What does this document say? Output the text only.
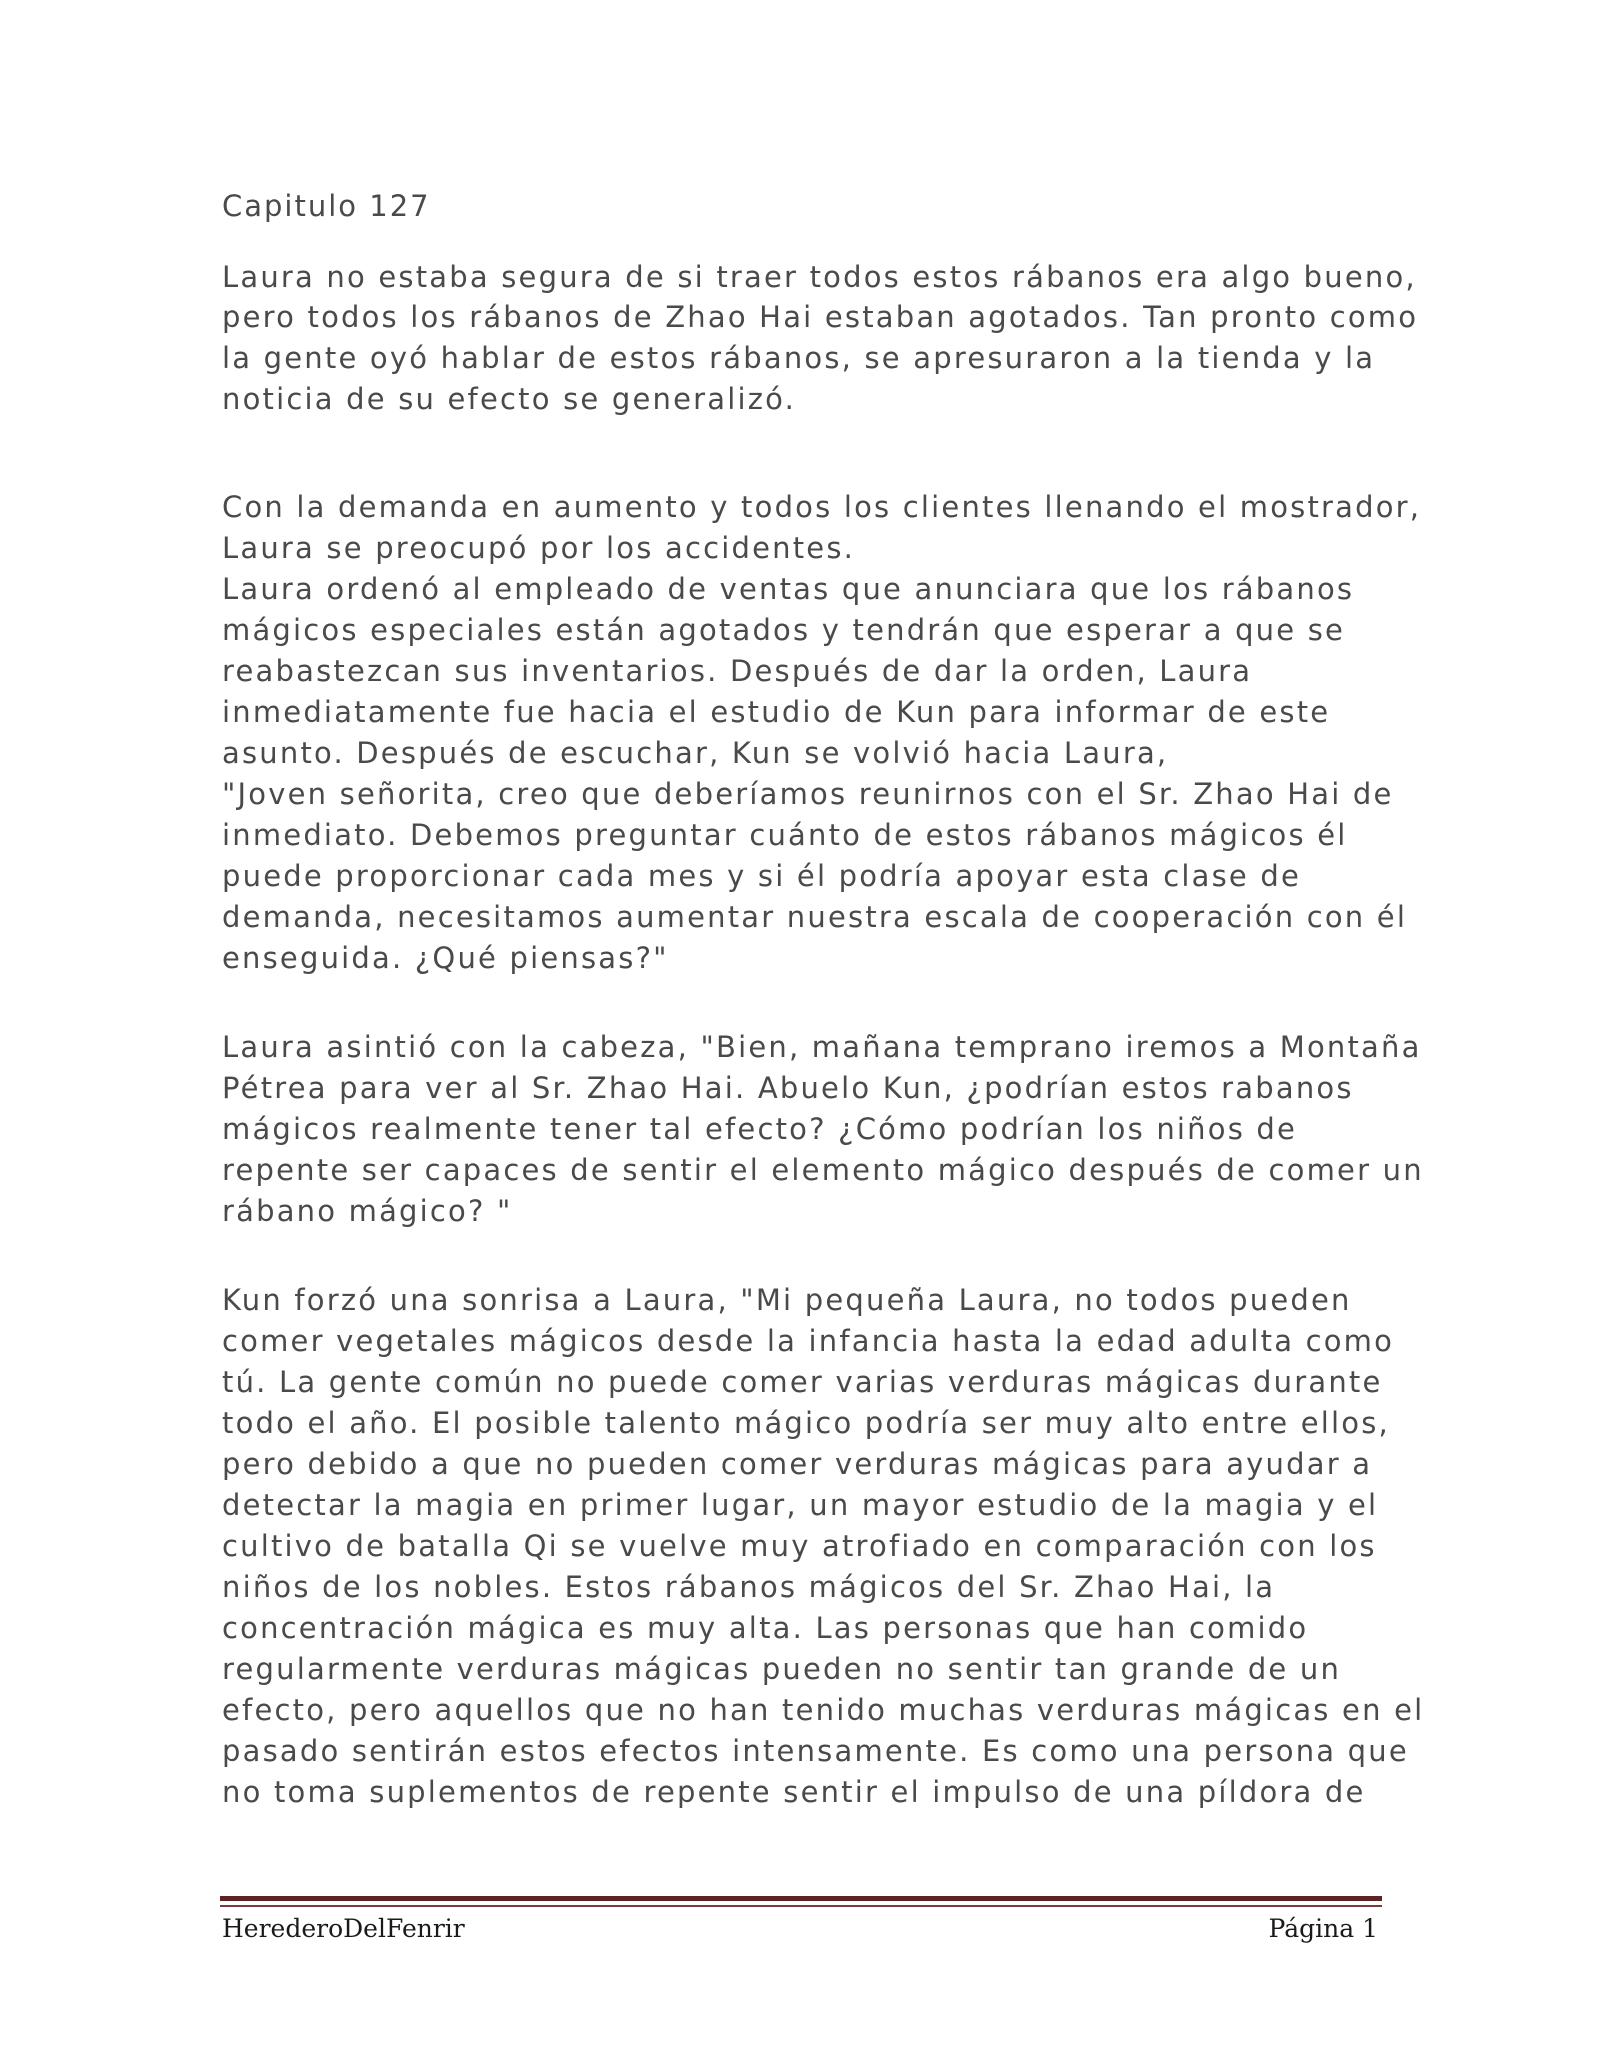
Capitulo 127
Laura no estaba segura de si traer todos estos rábanos era algo bueno,
pero todos los rábanos de Zhao Hai estaban agotados. Tan pronto como
la gente oyó hablar de estos rábanos, se apresuraron a la tienda y la
noticia de su efecto se generalizó.
Con la demanda en aumento y todos los clientes llenando el mostrador,
Laura se preocupó por los accidentes.
Laura ordenó al empleado de ventas que anunciara que los rábanos
mágicos especiales están agotados y tendrán que esperar a que se
reabastezcan sus inventarios. Después de dar la orden, Laura
inmediatamente fue hacia el estudio de Kun para informar de este
asunto. Después de escuchar, Kun se volvió hacia Laura,
"Joven señorita, creo que deberíamos reunirnos con el Sr. Zhao Hai de
inmediato. Debemos preguntar cuánto de estos rábanos mágicos él
puede proporcionar cada mes y si él podría apoyar esta clase de
demanda, necesitamos aumentar nuestra escala de cooperación con él
enseguida. ¿Qué piensas?"
Laura asintió con la cabeza, "Bien, mañana temprano iremos a Montaña
Pétrea para ver al Sr. Zhao Hai. Abuelo Kun, ¿podrían estos rabanos
mágicos realmente tener tal efecto? ¿Cómo podrían los niños de
repente ser capaces de sentir el elemento mágico después de comer un
rábano mágico? "
Kun forzó una sonrisa a Laura, "Mi pequeña Laura, no todos pueden
comer vegetales mágicos desde la infancia hasta la edad adulta como
tú. La gente común no puede comer varias verduras mágicas durante
todo el año. El posible talento mágico podría ser muy alto entre ellos,
pero debido a que no pueden comer verduras mágicas para ayudar a
detectar la magia en primer lugar, un mayor estudio de la magia y el
cultivo de batalla Qi se vuelve muy atrofiado en comparación con los
niños de los nobles. Estos rábanos mágicos del Sr. Zhao Hai, la
concentración mágica es muy alta. Las personas que han comido
regularmente verduras mágicas pueden no sentir tan grande de un
efecto, pero aquellos que no han tenido muchas verduras mágicas en el
pasado sentirán estos efectos intensamente. Es como una persona que
no toma suplementos de repente sentir el impulso de una píldora de
HerederoDelFenrir	Página 1
